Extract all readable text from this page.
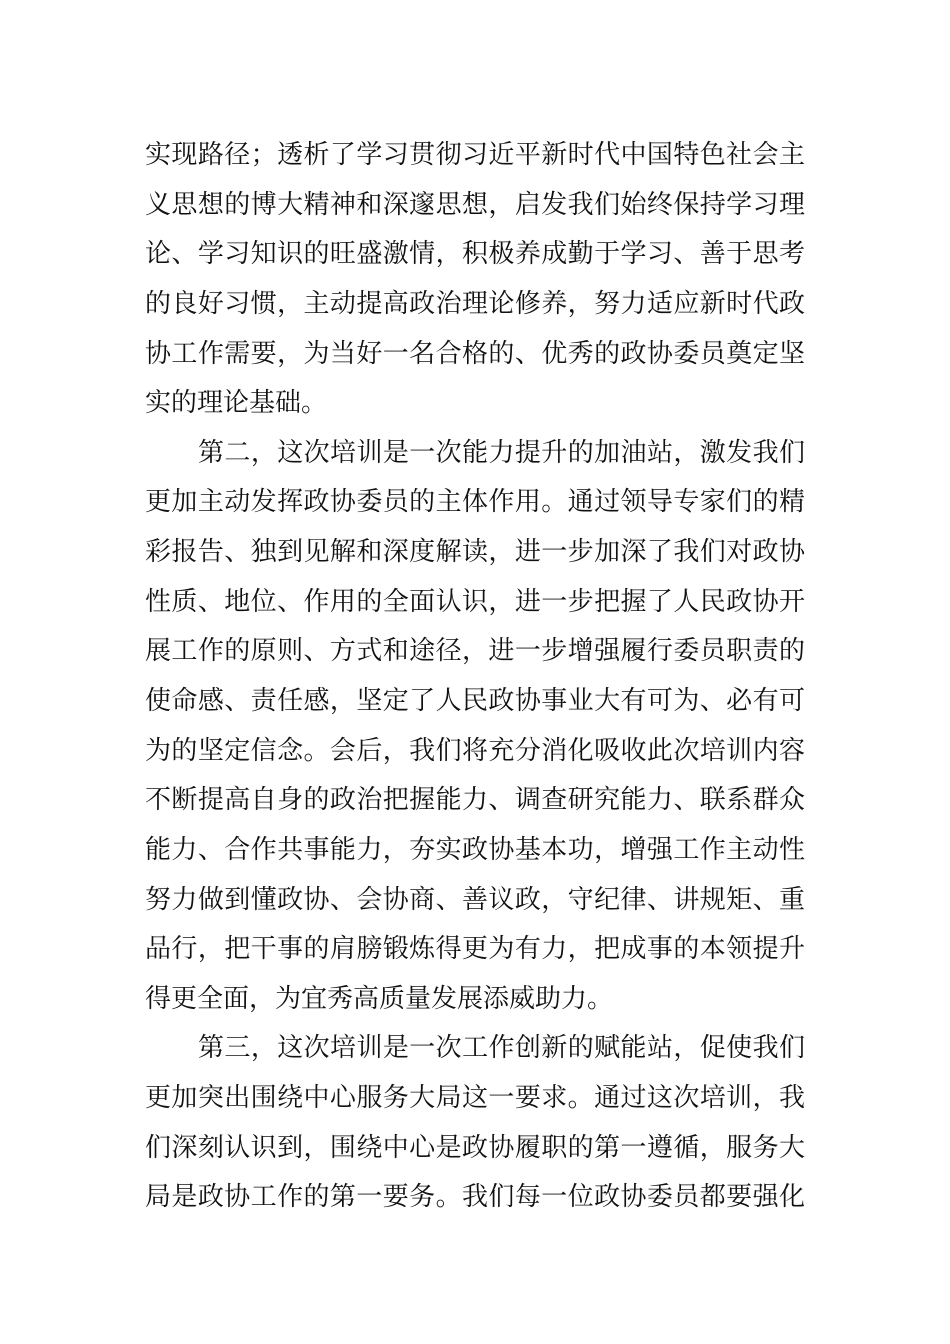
实现路径；透析了学习贯彻习近平新时代中国特色社会主
义思想的博大精神和深邃思想，启发我们始终保持学习理
论、学习知识的旺盛激情，积极养成勤于学习、善于思考
的良好习惯，主动提高政治理论修养，努力适应新时代政
协工作需要，为当好一名合格的、优秀的政协委员奠定坚
实的理论基础。
第二，这次培训是一次能力提升的加油站，激发我们
更加主动发挥政协委员的主体作用。通过领导专家们的精
彩报告、独到见解和深度解读，进一步加深了我们对政协
性质、地位、作用的全面认识，进一步把握了人民政协开
展工作的原则、方式和途径，进一步增强履行委员职责的
使命感、责任感，坚定了人民政协事业大有可为、必有可
为的坚定信念。会后，我们将充分消化吸收此次培训内容
不断提高自身的政治把握能力、调查研究能力、联系群众
能力、合作共事能力，夯实政协基本功，增强工作主动性
努力做到懂政协、会协商、善议政，守纪律、讲规矩、重
品行，把干事的肩膀锻炼得更为有力，把成事的本领提升
得更全面，为宜秀高质量发展添威助力。
第三，这次培训是一次工作创新的赋能站，促使我们
更加突出围绕中心服务大局这一要求。通过这次培训，我
们深刻认识到，围绕中心是政协履职的第一遵循，服务大
局是政协工作的第一要务。我们每一位政协委员都要强化
